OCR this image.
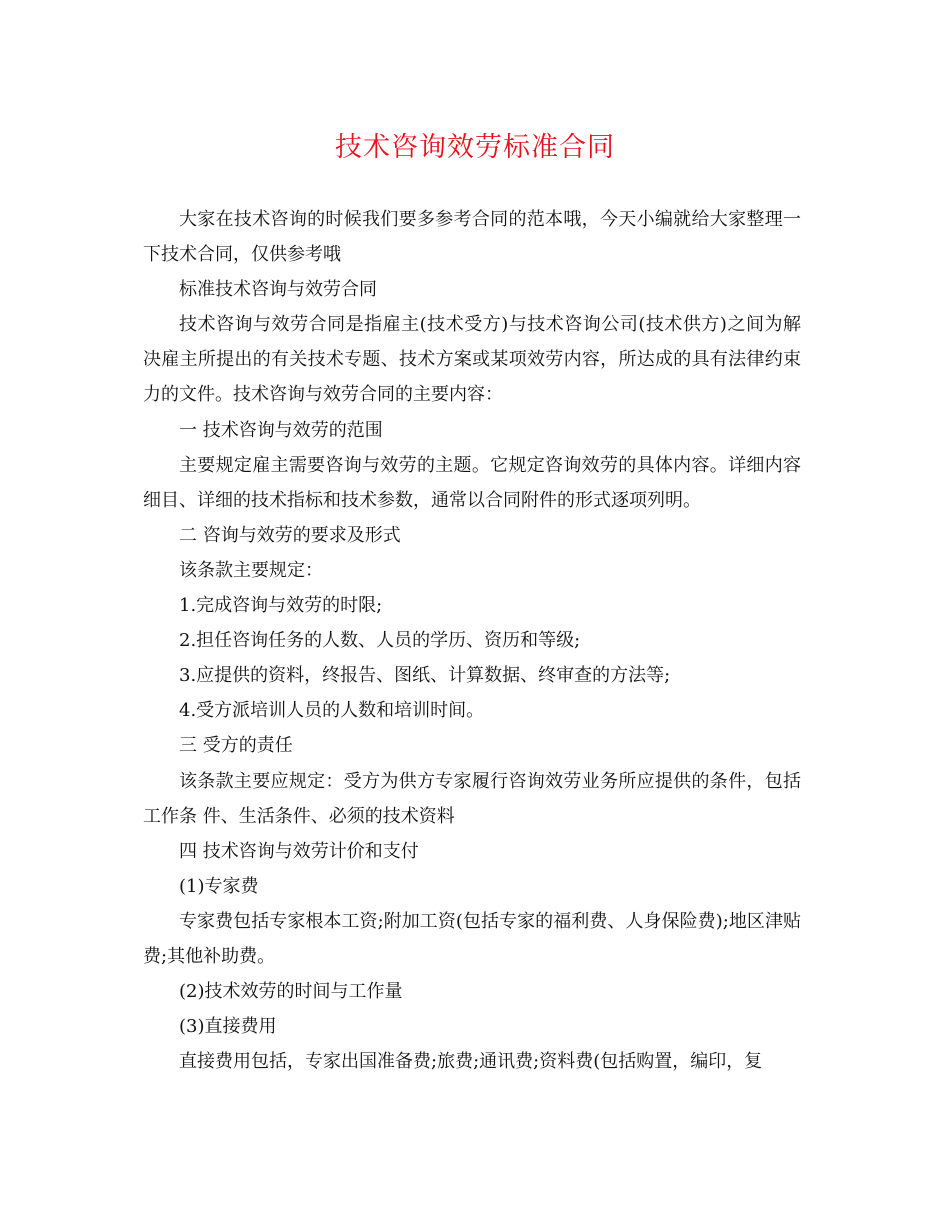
技术咨询效劳标准合同

大家在技术咨询的时候我们要多参考合同的范本哦，今天小编就给大家整理一下技术合同，仅供参考哦

标准技术咨询与效劳合同

技术咨询与效劳合同是指雇主(技术受方)与技术咨询公司(技术供方)之间为解决雇主所提出的有关技术专题、技术方案或某项效劳内容，所达成的具有法律约束力的文件。技术咨询与效劳合同的主要内容：

一 技术咨询与效劳的范围

主要规定雇主需要咨询与效劳的主题。它规定咨询效劳的具体内容。详细内容细目、详细的技术指标和技术参数，通常以合同附件的形式逐项列明。

二 咨询与效劳的要求及形式

该条款主要规定：

1.完成咨询与效劳的时限;

2.担任咨询任务的人数、人员的学历、资历和等级;

3.应提供的资料，终报告、图纸、计算数据、终审查的方法等;

4.受方派培训人员的人数和培训时间。

三 受方的责任

该条款主要应规定：受方为供方专家履行咨询效劳业务所应提供的条件，包括工作条 件、生活条件、必须的技术资料

四 技术咨询与效劳计价和支付

(1)专家费

专家费包括专家根本工资;附加工资(包括专家的福利费、人身保险费);地区津贴费;其他补助费。

(2)技术效劳的时间与工作量

(3)直接费用

直接费用包括，专家出国准备费;旅费;通讯费;资料费(包括购置，编印，复
